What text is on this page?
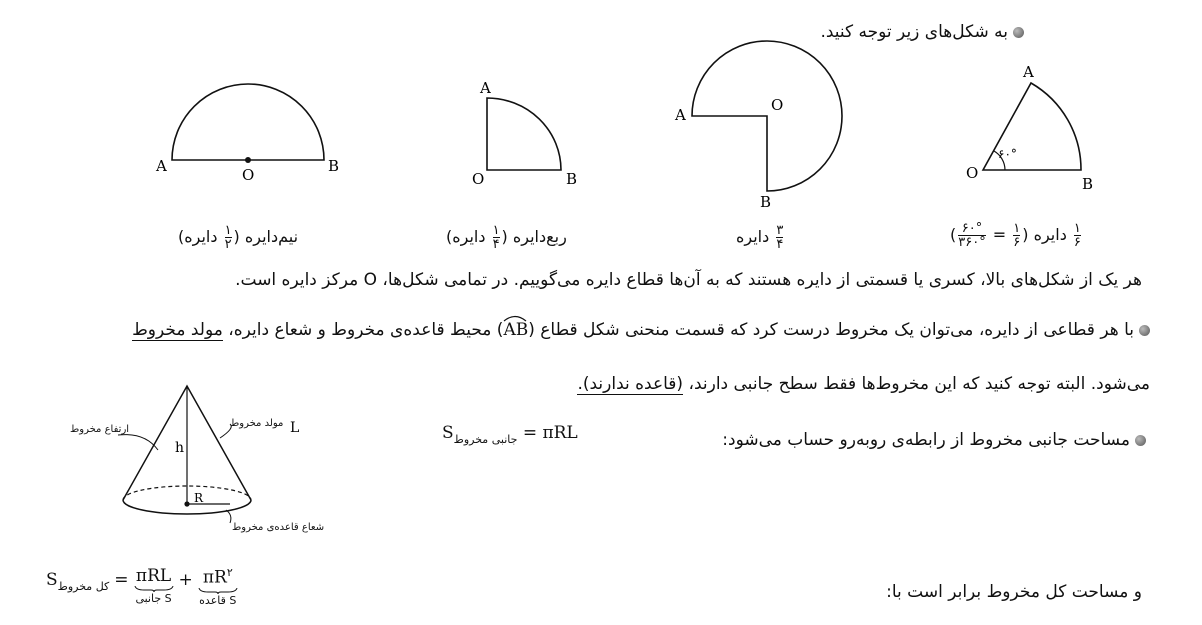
به شکل‌های زیر توجه کنید.
A	O	B
A
O	B
A
O
B
A
O
B
۶۰°
نیم‌دایره (
$\frac{۱}{۲}$
دایره)	ربع‌دایره (
$\frac{۱}{۴}$
دایره)	$\frac{۳}{۴}$
دایره	$\frac{۱}{۶}$
دایره (
$\frac{۱}{۶}$
=
$\frac{۶۰^\circ}{۳۶۰^\circ}$
)
هر یک از شکل‌های بالا، کسری یا قسمتی از دایره هستند که به آن‌ها قطاع دایره می‌گوییم. در تمامی شکل‌ها، O مرکز دایره است.
با هر قطاعی از دایره، می‌توان یک مخروط درست کرد که قسمت منحنی شکل قطاع (
AB) محیط قاعده‌ی مخروط و شعاع دایره، مولد مخروط
می‌شود. البته توجه کنید که این مخروط‌ها فقط سطح جانبی دارند، (قاعده ندارند).
مساحت جانبی مخروط از رابطه‌ی روبه‌رو حساب می‌شود:
$S_{جانبی مخروط} = \pi RL$
h
R
L
ارتفاع مخروط
مولد مخروط
شعاع قاعده‌ی مخروط
و مساحت کل مخروط برابر است با:
$S_{کل مخروط} = \pi RL$
S جانبی
+ $\pi R^۲$
S قاعده
